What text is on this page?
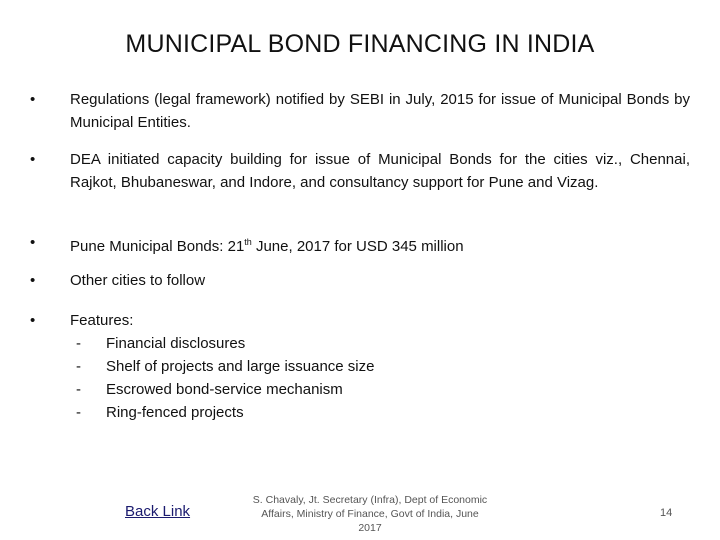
MUNICIPAL BOND FINANCING IN INDIA
•	Regulations (legal framework) notified by SEBI in July, 2015 for issue of Municipal Bonds by Municipal Entities.
•	DEA initiated capacity building for issue of Municipal Bonds for the cities viz., Chennai, Rajkot, Bhubaneswar, and Indore, and consultancy support for Pune and Vizag.
•	Pune Municipal Bonds: 21th June, 2017 for USD 345 million
•	Other cities to follow
•	Features:
-	Financial disclosures
-	Shelf of projects and large issuance size
-	Escrowed bond-service mechanism
-	Ring-fenced projects
Back Link
S. Chavaly, Jt. Secretary (Infra), Dept of Economic Affairs, Ministry of Finance, Govt of India, June 2017
14
